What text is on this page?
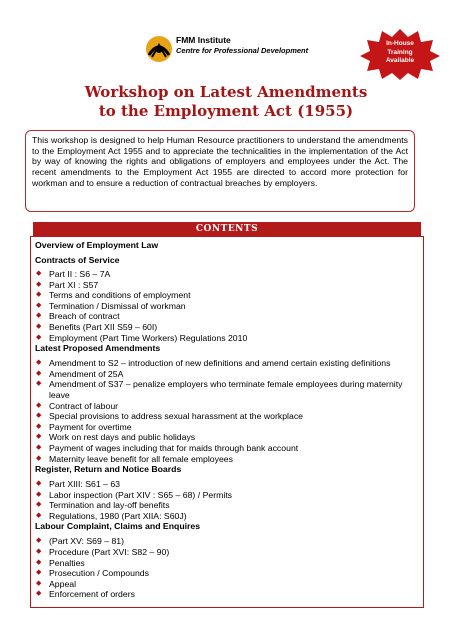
FMM Institute
Centre for Professional Development
In-House
Training
Available
Workshop on Latest Amendments
to the Employment Act (1955)
This workshop is designed to help Human Resource practitioners to understand the amendments to the Employment Act 1955 and to appreciate the technicalities in the implementation of the Act by way of knowing the rights and obligations of employers and employees under the Act. The recent amendments to the Employment Act 1955 are directed to accord more protection for workman and to ensure a reduction of contractual breaches by employers.
CONTENTS
Overview of Employment Law
Contracts of Service
◆ Part II : S6 – 7A
◆ Part XI : S57
◆ Terms and conditions of employment
◆ Termination / Dismissal of workman
◆ Breach of contract
◆ Benefits (Part XII S59 – 60I)
◆ Employment (Part Time Workers) Regulations 2010
Latest Proposed Amendments
◆ Amendment to S2 – introduction of new definitions and amend certain existing definitions
◆ Amendment of 25A
◆ Amendment of S37 – penalize employers who terminate female employees during maternity leave
◆ Contract of labour
◆ Special provisions to address sexual harassment at the workplace
◆ Payment for overtime
◆ Work on rest days and public holidays
◆ Payment of wages including that for maids through bank account
◆ Maternity leave benefit for all female employees
Register, Return and Notice Boards
◆ Part XIII: S61 – 63
◆ Labor inspection (Part XIV : S65 – 68) / Permits
◆ Termination and lay-off benefits
◆ Regulations, 1980 (Part XIIA: S60J)
Labour Complaint, Claims and Enquires
◆ (Part XV: S69 – 81)
◆ Procedure (Part XVI: S82 – 90)
◆ Penalties
◆ Prosecution / Compounds
◆ Appeal
◆ Enforcement of orders
